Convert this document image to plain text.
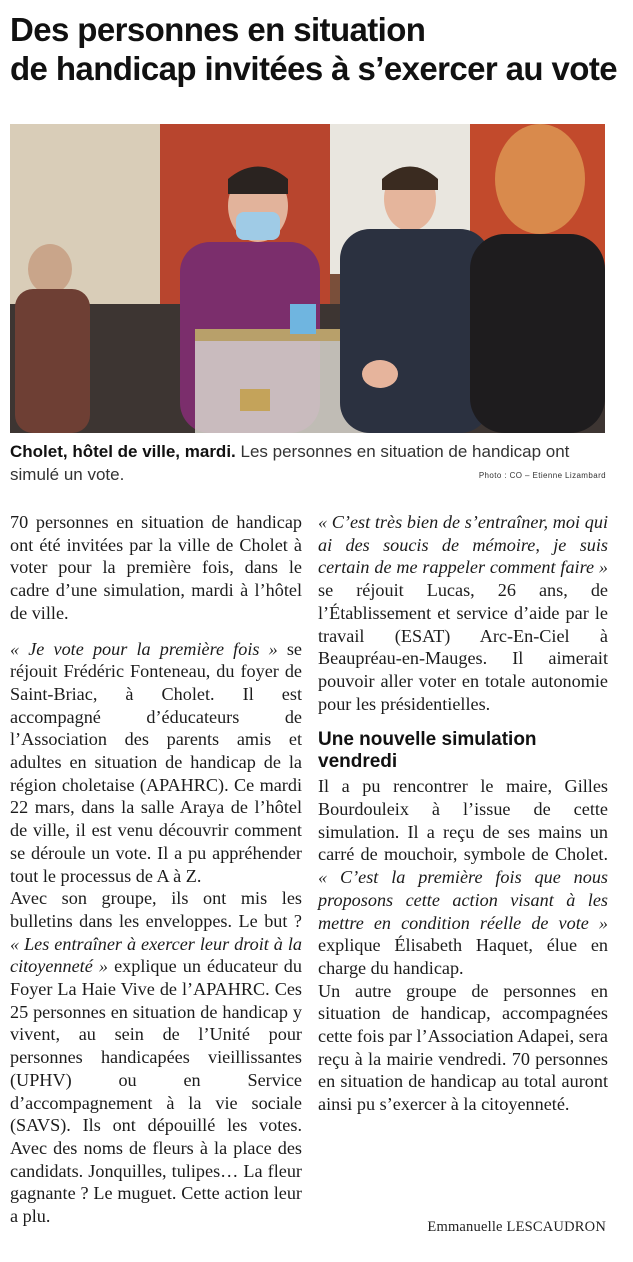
Des personnes en situation
de handicap invitées à s’exercer au vote
Cholet, hôtel de ville, mardi. Les personnes en situation de handicap ont simulé un vote.	Photo : CO – Etienne Lizambard

70 personnes en situation de handicap ont été invitées par la ville de Cholet à voter pour la première fois, dans le cadre d’une simulation, mardi à l’hôtel de ville.

« Je vote pour la première fois » se réjouit Frédéric Fonteneau, du foyer de Saint-Briac, à Cholet. Il est accompagné d’éducateurs de l’Association des parents amis et adultes en situation de handicap de la région choletaise (APAHRC). Ce mardi 22 mars, dans la salle Araya de l’hôtel de ville, il est venu découvrir comment se déroule un vote. Il a pu appréhender tout le processus de A à Z.

Avec son groupe, ils ont mis les bulletins dans les enveloppes. Le but ? « Les entraîner à exercer leur droit à la citoyenneté » explique un éducateur du Foyer La Haie Vive de l’APAHRC. Ces 25 personnes en situation de handicap y vivent, au sein de l’Unité pour personnes handicapées vieillissantes (UPHV) ou en Service d’accompagnement à la vie sociale (SAVS). Ils ont dépouillé les votes. Avec des noms de fleurs à la place des candidats. Jonquilles, tulipes… La fleur gagnante ? Le muguet. Cette action leur a plu.

« C’est très bien de s’entraîner, moi qui ai des soucis de mémoire, je suis certain de me rappeler comment faire » se réjouit Lucas, 26 ans, de l’Établissement et service d’aide par le travail (ESAT) Arc-En-Ciel à Beaupréau-en-Mauges. Il aimerait pouvoir aller voter en totale autonomie pour les présidentielles.

Une nouvelle simulation vendredi

Il a pu rencontrer le maire, Gilles Bourdouleix à l’issue de cette simulation. Il a reçu de ses mains un carré de mouchoir, symbole de Cholet. « C’est la première fois que nous proposons cette action visant à les mettre en condition réelle de vote » explique Élisabeth Haquet, élue en charge du handicap.

Un autre groupe de personnes en situation de handicap, accompagnées cette fois par l’Association Adapei, sera reçu à la mairie vendredi. 70 personnes en situation de handicap au total auront ainsi pu s’exercer à la citoyenneté.

Emmanuelle LESCAUDRON
